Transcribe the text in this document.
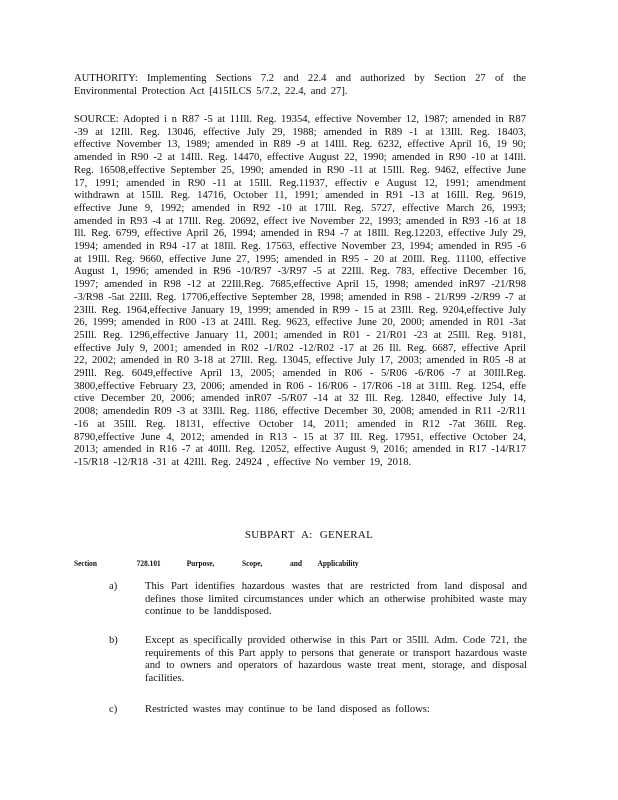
AUTHORITY: Implementing Sections 7.2 and 22.4 and authorized by Section 27 of the Environmental Protection Act [415ILCS 5/7.2, 22.4, and 27].

SOURCE: Adopted i n R87 -5 at 11Ill. Reg. 19354, effective November 12, 1987; amended in R87 -39 at 12Ill. Reg. 13046, effective July 29, 1988; amended in R89 -1 at 13Ill. Reg. 18403, effective November 13, 1989; amended in R89 -9 at 14Ill. Reg. 6232, effective April 16, 19 90; amended in R90 -2 at 14Ill. Reg. 14470, effective August 22, 1990; amended in R90 -10 at 14Ill. Reg. 16508,effective September 25, 1990; amended in R90 -11 at 15Ill. Reg. 9462, effective June 17, 1991; amended in R90 -11 at 15Ill. Reg.11937, effectiv e August 12, 1991; amendment withdrawn at 15Ill. Reg. 14716, October 11, 1991; amended in R91 -13 at 16Ill. Reg. 9619, effective June 9, 1992; amended in R92 -10 at 17Ill. Reg. 5727, effective March 26, 1993; amended in R93 -4 at 17Ill. Reg. 20692, effect ive November 22, 1993; amended in R93 -16 at 18 Ill. Reg. 6799, effective April 26, 1994; amended in R94 -7 at 18Ill. Reg.12203, effective July 29, 1994; amended in R94 -17 at 18Ill. Reg. 17563, effective November 23, 1994; amended in R95 -6 at 19Ill. Reg. 9660, effective June 27, 1995; amended in R95 - 20 at 20Ill. Reg. 11100, effective August 1, 1996; amended in R96 -10/R97 -3/R97 -5 at 22Ill. Reg. 783, effective December 16, 1997; amended in R98 -12 at 22Ill.Reg. 7685,effective April 15, 1998; amended inR97 -21/R98 -3/R98 -5at 22Ill. Reg. 17706,effective September 28, 1998; amended in R98 - 21/R99 -2/R99 -7 at 23Ill. Reg. 1964,effective January 19, 1999; amended in R99 - 15 at 23Ill. Reg. 9204,effective July 26, 1999; amended in R00 -13 at 24Ill. Reg. 9623, effective June 20, 2000; amended in R01 -3at 25Ill. Reg. 1296,effective January 11, 2001; amended in R01 - 21/R01 -23 at 25Ill. Reg. 9181, effective July 9, 2001; amended in R02 -1/R02 -12/R02 -17 at 26 Ill. Reg. 6687, effective April 22, 2002; amended in R0 3-18 at 27Ill. Reg. 13045, effective July 17, 2003; amended in R05 -8 at 29Ill. Reg. 6049,effective April 13, 2005; amended in R06 - 5/R06 -6/R06 -7 at 30Ill.Reg. 3800,effective February 23, 2006; amended in R06 - 16/R06 - 17/R06 -18 at 31Ill. Reg. 1254, effe ctive December 20, 2006; amended inR07 -5/R07 -14 at 32 Ill. Reg. 12840, effective July 14, 2008; amendedin R09 -3 at 33Ill. Reg. 1186, effective December 30, 2008; amended in R11 -2/R11 -16 at 35Ill. Reg. 18131, effective October 14, 2011; amended in R12 -7at 36Ill. Reg. 8790,effective June 4, 2012; amended in R13 - 15 at 37 Ill. Reg. 17951, effective October 24, 2013; amended in R16 -7 at 40Ill. Reg. 12052, effective August 9, 2016; amended in R17 -14/R17 -15/R18 -12/R18 -31 at 42Ill. Reg. 24924 , effective No vember 19, 2018.

SUBPART A: GENERAL
Section	728.101	Purpose,	Scope,	and Applicability
a)	This Part identifies hazardous wastes that are restricted from land disposal and defines those limited circumstances under which an otherwise prohibited waste may continue to be landdisposed.
b)	Except as specifically provided otherwise in this Part or 35Ill. Adm. Code 721, the requirements of this Part apply to persons that generate or transport hazardous waste and to owners and operators of hazardous waste treat ment, storage, and disposal facilities.
c)	Restricted wastes may continue to be land disposed as follows:
